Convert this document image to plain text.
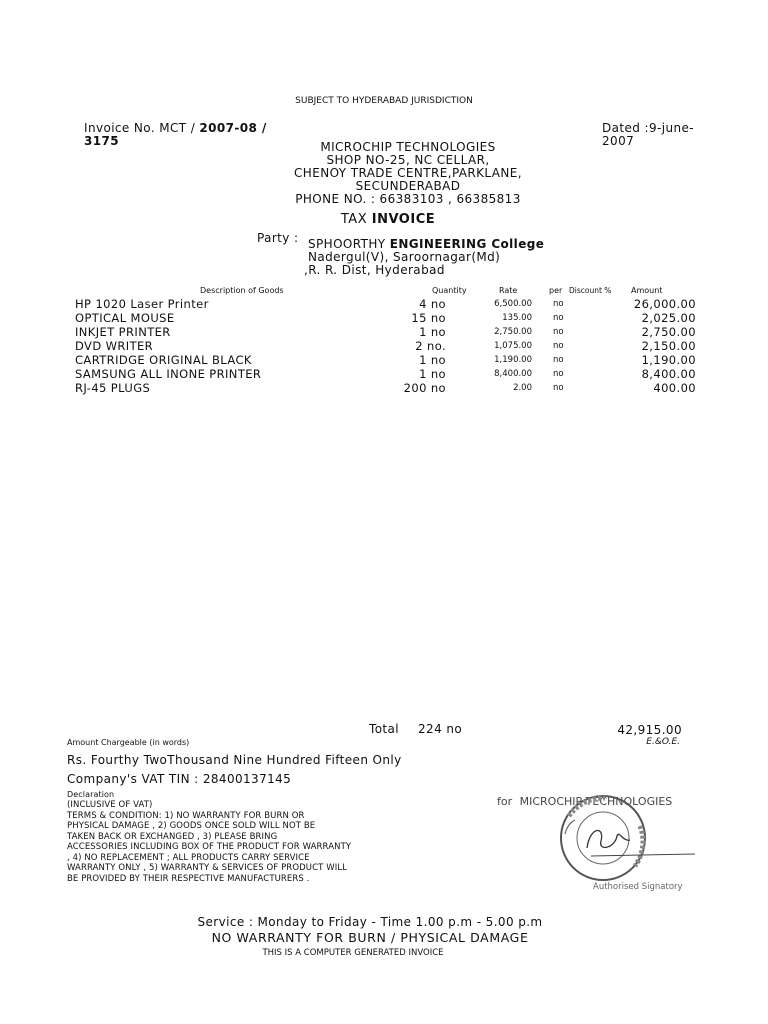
SUBJECT TO HYDERABAD JURISDICTION
Invoice No. MCT / 2007-08 /
3175
Dated :9-june-
2007
MICROCHIP TECHNOLOGIES
SHOP NO-25, NC CELLAR,
CHENOY TRADE CENTRE,PARKLANE,
SECUNDERABAD
PHONE NO. : 66383103 , 66385813
TAX INVOICE
Party : SPHOORTHY ENGINEERING College
Nadergul(V), Saroornagar(Md)
,R. R. Dist, Hyderabad
Description of Goods	Quantity	Rate	per Discount % Amount
HP 1020 Laser Printer	4 no	6,500.00 no	26,000.00
OPTICAL MOUSE	15 no	135.00 no	2,025.00
INKJET PRINTER	1 no	2,750.00 no	2,750.00
DVD WRITER	2 no.	1,075.00 no	2,150.00
CARTRIDGE ORIGINAL BLACK	1 no	1,190.00 no	1,190.00
SAMSUNG ALL INONE PRINTER	1 no	8,400.00 no	8,400.00
RJ-45 PLUGS	200 no	2.00 no	400.00
Total 224 no	42,915.00
E.&O.E.
Amount Chargeable (in words)
Rs. Fourthy TwoThousand Nine Hundred Fifteen Only
Company's VAT TIN : 28400137145
Declaration
(INCLUSIVE OF VAT)
TERMS & CONDITION: 1) NO WARRANTY FOR BURN OR
PHYSICAL DAMAGE , 2) GOODS ONCE SOLD WILL NOT BE
TAKEN BACK OR EXCHANGED , 3) PLEASE BRING
ACCESSORIES INCLUDING BOX OF THE PRODUCT FOR WARRANTY
, 4) NO REPLACEMENT ; ALL PRODUCTS CARRY SERVICE
WARRANTY ONLY , 5) WARRANTY & SERVICES OF PRODUCT WILL
BE PROVIDED BY THEIR RESPECTIVE MANUFACTURERS .
for MICROCHIP TECHNOLOGIES
Authorised Signatory
Service : Monday to Friday - Time 1.00 p.m - 5.00 p.m
NO WARRANTY FOR BURN / PHYSICAL DAMAGE
THIS IS A COMPUTER GENERATED INVOICE
